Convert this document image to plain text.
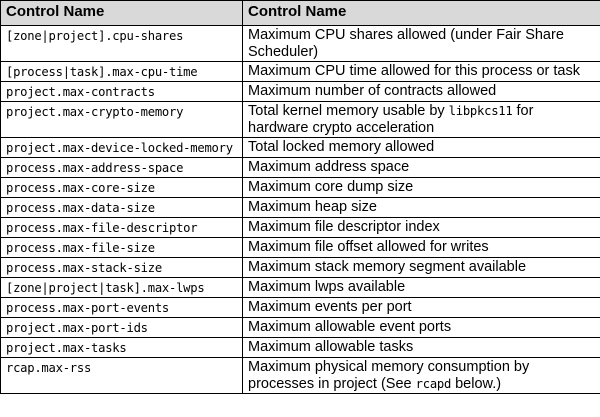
Control Name	Control Name
[zone|project].cpu-shares	Maximum CPU shares allowed (under Fair Share Scheduler)
[process|task].max-cpu-time	Maximum CPU time allowed for this process or task
project.max-contracts	Maximum number of contracts allowed
project.max-crypto-memory	Total kernel memory usable by libpkcs11 for hardware crypto acceleration
project.max-device-locked-memory	Total locked memory allowed
process.max-address-space	Maximum address space
process.max-core-size	Maximum core dump size
process.max-data-size	Maximum heap size
process.max-file-descriptor	Maximum file descriptor index
process.max-file-size	Maximum file offset allowed for writes
process.max-stack-size	Maximum stack memory segment available
[zone|project|task].max-lwps	Maximum lwps available
process.max-port-events	Maximum events per port
project.max-port-ids	Maximum allowable event ports
project.max-tasks	Maximum allowable tasks
rcap.max-rss	Maximum physical memory consumption by processes in project (See rcapd below.)
